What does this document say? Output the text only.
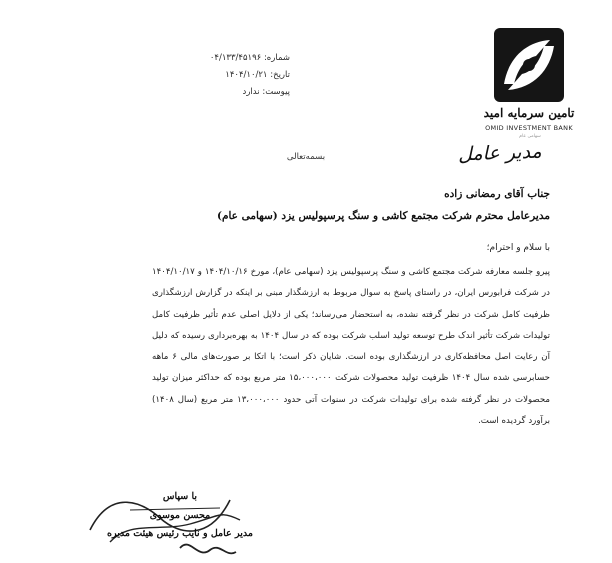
شماره: ۰۴/۱۳۳/۴۵۱۹۶
تاریخ: ۱۴۰۴/۱۰/۲۱
پیوست: ندارد
تامین سرمایه امید
OMID INVESTMENT BANK
سهامی عام
مدیر عامل
بسمه‌تعالی
جناب آقای رمضانی زاده
مدیرعامل محترم شرکت مجتمع کاشی و سنگ پرسپولیس یزد (سهامی عام)
با سلام و احترام؛
پیرو جلسه معارفه شرکت مجتمع کاشی و سنگ پرسپولیس یزد (سهامی عام)، مورخ ۱۴۰۴/۱۰/۱۶ و ۱۴۰۴/۱۰/۱۷ در شرکت فرابورس ایران، در راستای پاسخ به سوال مربوط به ارزشگذار مبنی بر اینکه در گزارش ارزشگذاری ظرفیت کامل شرکت در نظر گرفته نشده، به استحضار می‌رساند؛ یکی از دلایل اصلی عدم تأثیر ظرفیت کامل تولیدات شرکت تأثیر اندک طرح توسعه تولید اسلب شرکت بوده که در سال ۱۴۰۴ به بهره‌برداری رسیده که دلیل آن رعایت اصل محافظه‌کاری در ارزشگذاری بوده است. شایان ذکر است؛ با اتکا بر صورت‌های مالی ۶ ماهه حسابرسی شده سال ۱۴۰۴ ظرفیت تولید محصولات شرکت ۱۵،۰۰۰،۰۰۰ متر مربع بوده که حداکثر میزان تولید محصولات در نظر گرفته شده برای تولیدات شرکت در سنوات آتی حدود ۱۳،۰۰۰،۰۰۰ متر مربع (سال ۱۴۰۸) برآورد گردیده است.
با سپاس
محسن موسوی
مدیر عامل و نایب رئیس هیئت مدیره
